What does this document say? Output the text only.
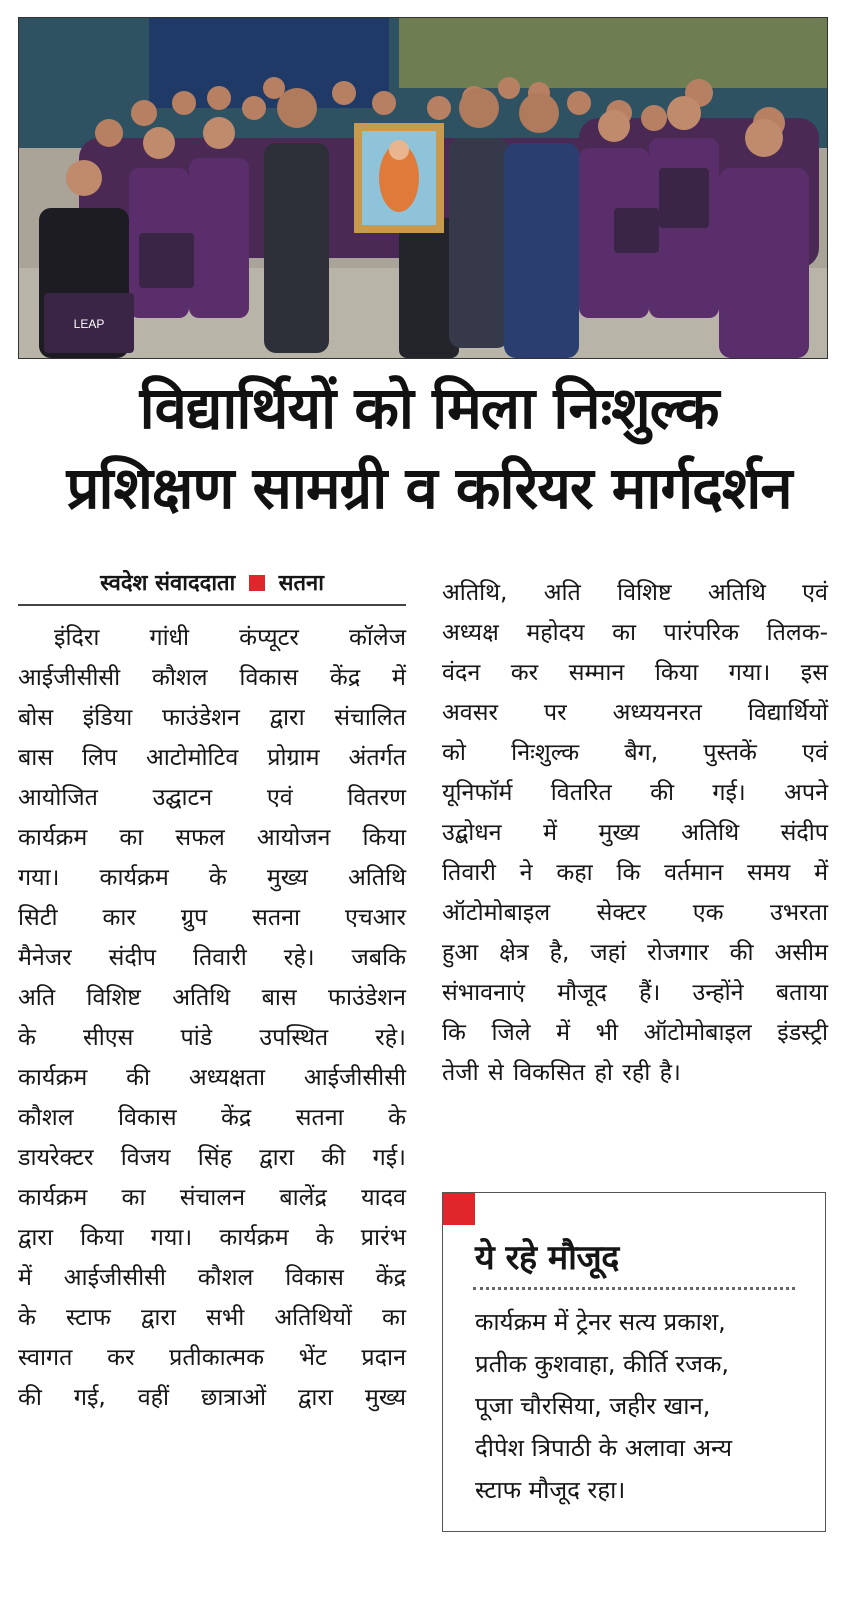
LEAP
विद्यार्थियों को मिला निःशुल्क
प्रशिक्षण सामग्री व करियर मार्गदर्शन
स्वदेश संवाददाता सतना

इंदिरा गांधी कंप्यूटर कॉलेज

आईजीसीसी कौशल विकास केंद्र में

बोस इंडिया फाउंडेशन द्वारा संचालित

बास लिप आटोमोटिव प्रोग्राम अंतर्गत

आयोजित उद्घाटन एवं वितरण

कार्यक्रम का सफल आयोजन किया

गया। कार्यक्रम के मुख्य अतिथि

सिटी कार ग्रुप सतना एचआर

मैनेजर संदीप तिवारी रहे। जबकि

अति विशिष्ट अतिथि बास फाउंडेशन

के सीएस पांडे उपस्थित रहे।

कार्यक्रम की अध्यक्षता आईजीसीसी

कौशल विकास केंद्र सतना के

डायरेक्टर विजय सिंह द्वारा की गई।

कार्यक्रम का संचालन बालेंद्र यादव

द्वारा किया गया। कार्यक्रम के प्रारंभ

में आईजीसीसी कौशल विकास केंद्र

के स्टाफ द्वारा सभी अतिथियों का

स्वागत कर प्रतीकात्मक भेंट प्रदान

की गई, वहीं छात्राओं द्वारा मुख्य

अतिथि, अति विशिष्ट अतिथि एवं

अध्यक्ष महोदय का पारंपरिक तिलक-

वंदन कर सम्मान किया गया। इस

अवसर पर अध्ययनरत विद्यार्थियों

को निःशुल्क बैग, पुस्तकें एवं

यूनिफॉर्म वितरित की गई। अपने

उद्बोधन में मुख्य अतिथि संदीप

तिवारी ने कहा कि वर्तमान समय में

ऑटोमोबाइल सेक्टर एक उभरता

हुआ क्षेत्र है, जहां रोजगार की असीम

संभावनाएं मौजूद हैं। उन्होंने बताया

कि जिले में भी ऑटोमोबाइल इंडस्ट्री

तेजी से विकसित हो रही है।

ये रहे मौजूद
कार्यक्रम में ट्रेनर सत्य प्रकाश,
प्रतीक कुशवाहा, कीर्ति रजक,
पूजा चौरसिया, जहीर खान,
दीपेश त्रिपाठी के अलावा अन्य
स्टाफ मौजूद रहा।
